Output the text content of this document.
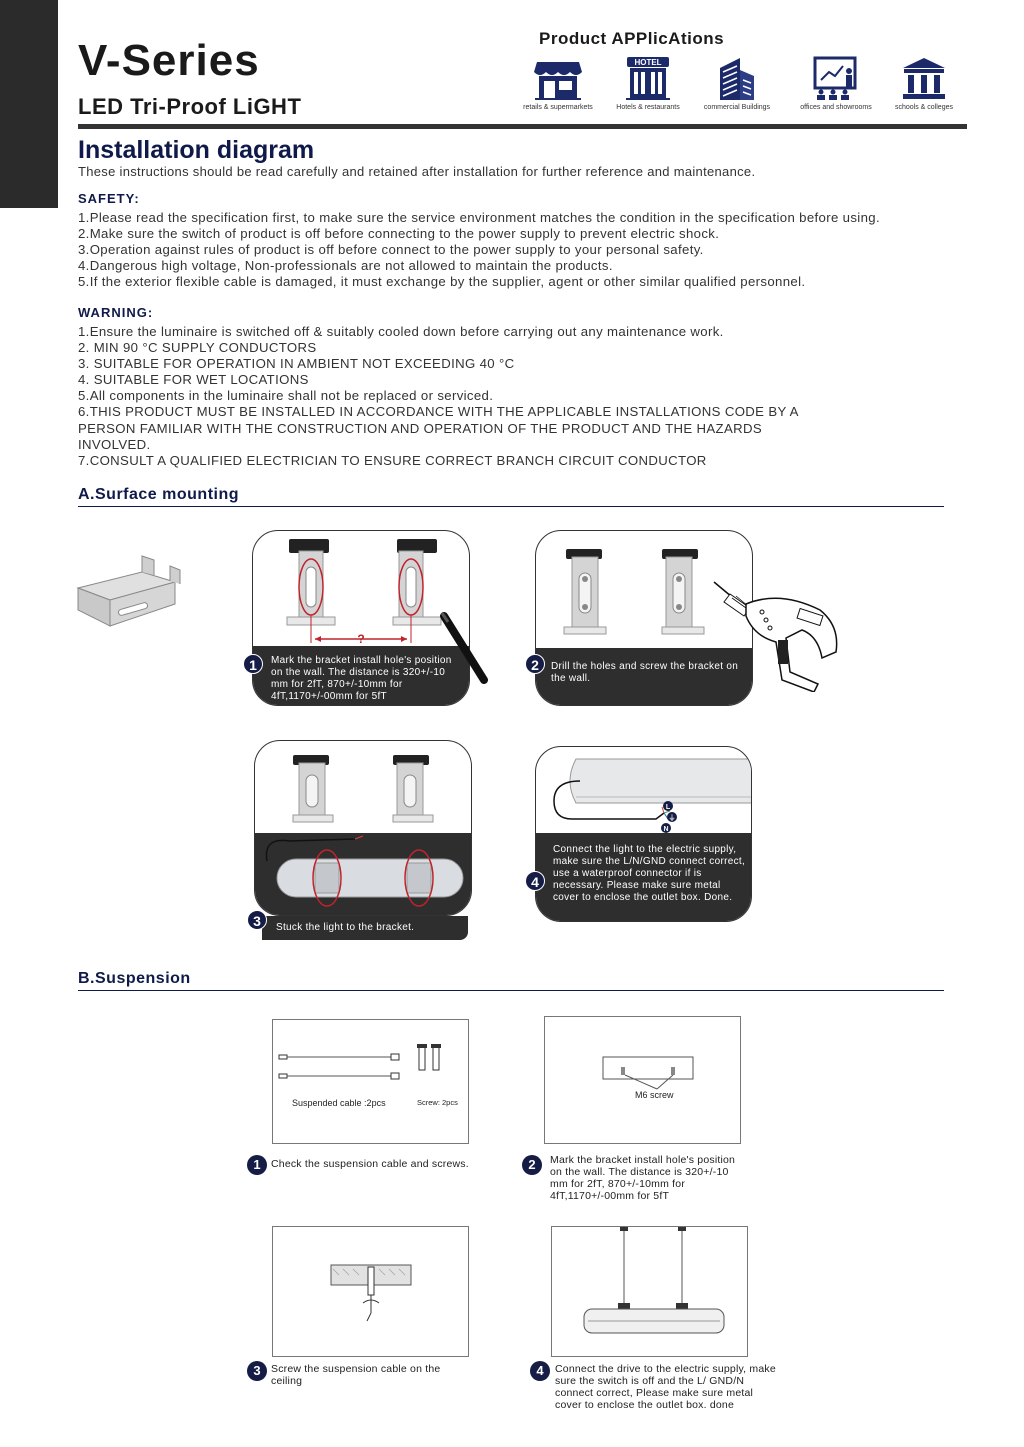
V-Series
LED Tri-Proof LiGHT
Product APPlicAtions
retails & supermarkets
HOTEL
Hotels & restaurants	commercial Buildings	offices and showrooms	schools & colleges
Installation diagram
These instructions should be read carefully and retained after installation for further reference and maintenance.
SAFETY:
1.Please read the specification first, to make sure the service environment matches the condition in the specification before using.
2.Make sure the switch of product is off before connecting to the power supply to prevent electric shock.
3.Operation against rules of product is off before connect to the power supply to your personal safety.
4.Dangerous high voltage, Non-professionals are not allowed to maintain the products.
5.If the exterior flexible cable is damaged, it must exchange by the supplier, agent or other similar qualified personnel.
WARNING:
1.Ensure the luminaire is switched off & suitably cooled down before carrying out any maintenance work.
2. MIN 90 °C SUPPLY CONDUCTORS
3. SUITABLE FOR OPERATION IN AMBIENT NOT EXCEEDING 40 °C
4. SUITABLE FOR WET LOCATIONS
5.All components in the luminaire shall not be replaced or serviced.
6.THIS PRODUCT MUST BE INSTALLED IN ACCORDANCE WITH THE APPLICABLE INSTALLATIONS CODE BY A
PERSON FAMILIAR WITH THE CONSTRUCTION AND OPERATION OF THE PRODUCT AND THE HAZARDS
INVOLVED.
7.CONSULT A QUALIFIED ELECTRICIAN TO ENSURE CORRECT BRANCH CIRCUIT CONDUCTOR
A.Surface mounting
?
Mark the bracket install hole's position on the wall. The distance is 320+/-10 mm for 2fT, 870+/-10mm for 4fT,1170+/-00mm for 5fT
1	Drill the holes and screw the bracket on the wall.
2
Stuck the light to the bracket.
3
L
⏚
N
Connect the light to the electric supply, make sure the L/N/GND connect correct, use a waterproof connector if is necessary. Please make sure metal cover to enclose the outlet box. Done.
4
B.Suspension
Suspended cable :2pcs	Screw: 2pcs
1 Check the suspension cable and screws.
M6 screw
2	Mark the bracket install hole's position on the wall. The distance is 320+/-10 mm for 2fT, 870+/-10mm for 4fT,1170+/-00mm for 5fT
3 Screw the suspension cable on the ceiling
4	Connect the drive to the electric supply, make sure the switch is off and the L/ GND/N connect correct, Please make sure metal cover to enclose the outlet box. done
